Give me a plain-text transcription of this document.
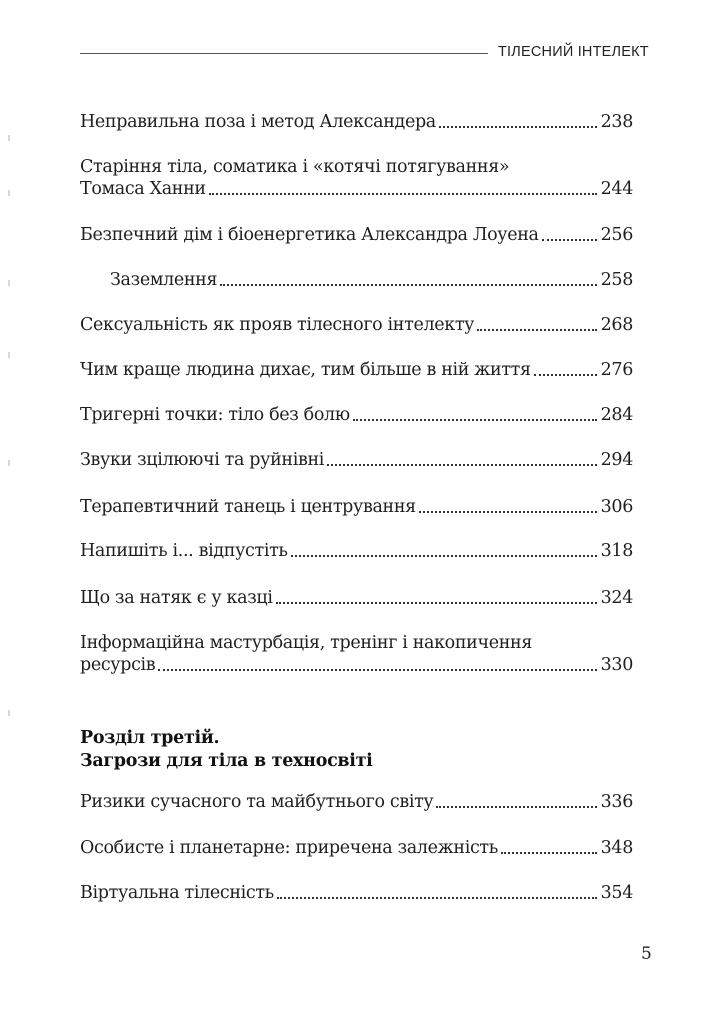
ТІЛЕСНИЙ ІНТЕЛЕКТ
Неправильна поза і метод Александера	238
Старіння тіла, соматика і «котячі потягування»
Томаса Ханни	244
Безпечний дім і біоенергетика Александра Лоуена	256
Заземлення	258
Сексуальність як прояв тілесного інтелекту	268
Чим краще людина дихає, тим більше в ній життя	276
Тригерні точки: тіло без болю	284
Звуки зцілюючі та руйнівні	294
Терапевтичний танець і центрування	306
Напишіть і... відпустіть	318
Що за натяк є у казці	324
Інформаційна мастурбація, тренінг і накопичення
ресурсів	330
Розділ третій.
Загрози для тіла в техносвіті
Ризики сучасного та майбутнього світу	336
Особисте і планетарне: приречена залежність	348
Віртуальна тілесність	354
5
